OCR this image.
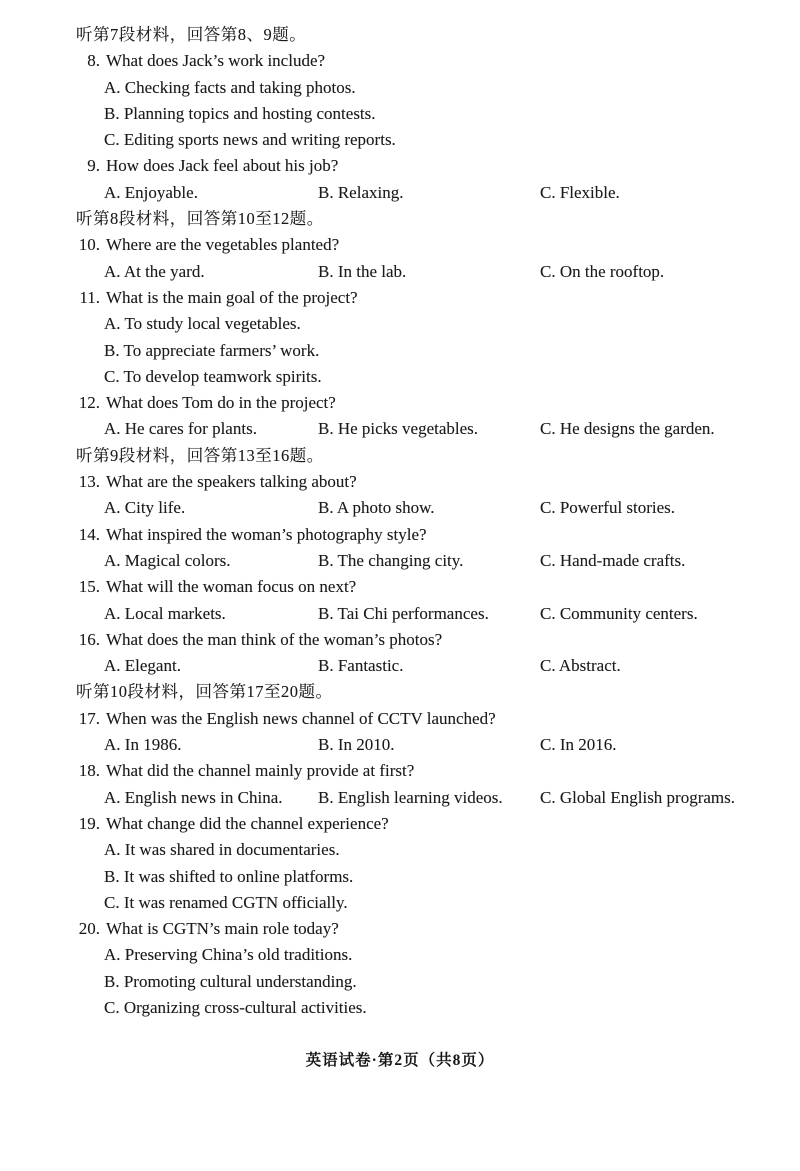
听第7段材料，回答第8、9题。
8. What does Jack’s work include?
A. Checking facts and taking photos.
B. Planning topics and hosting contests.
C. Editing sports news and writing reports.
9. How does Jack feel about his job?
A. Enjoyable.	B. Relaxing.	C. Flexible.
听第8段材料，回答第10至12题。
10. Where are the vegetables planted?
A. At the yard.	B. In the lab.	C. On the rooftop.
11. What is the main goal of the project?
A. To study local vegetables.
B. To appreciate farmers’ work.
C. To develop teamwork spirits.
12. What does Tom do in the project?
A. He cares for plants.	B. He picks vegetables.	C. He designs the garden.
听第9段材料，回答第13至16题。
13. What are the speakers talking about?
A. City life.	B. A photo show.	C. Powerful stories.
14. What inspired the woman’s photography style?
A. Magical colors.	B. The changing city.	C. Hand-made crafts.
15. What will the woman focus on next?
A. Local markets.	B. Tai Chi performances.	C. Community centers.
16. What does the man think of the woman’s photos?
A. Elegant.	B. Fantastic.	C. Abstract.
听第10段材料，回答第17至20题。
17. When was the English news channel of CCTV launched?
A. In 1986.	B. In 2010.	C. In 2016.
18. What did the channel mainly provide at first?
A. English news in China. B. English learning videos. C. Global English programs.
19. What change did the channel experience?
A. It was shared in documentaries.
B. It was shifted to online platforms.
C. It was renamed CGTN officially.
20. What is CGTN’s main role today?
A. Preserving China’s old traditions.
B. Promoting cultural understanding.
C. Organizing cross-cultural activities.
英语试卷·第2页（共8页）
